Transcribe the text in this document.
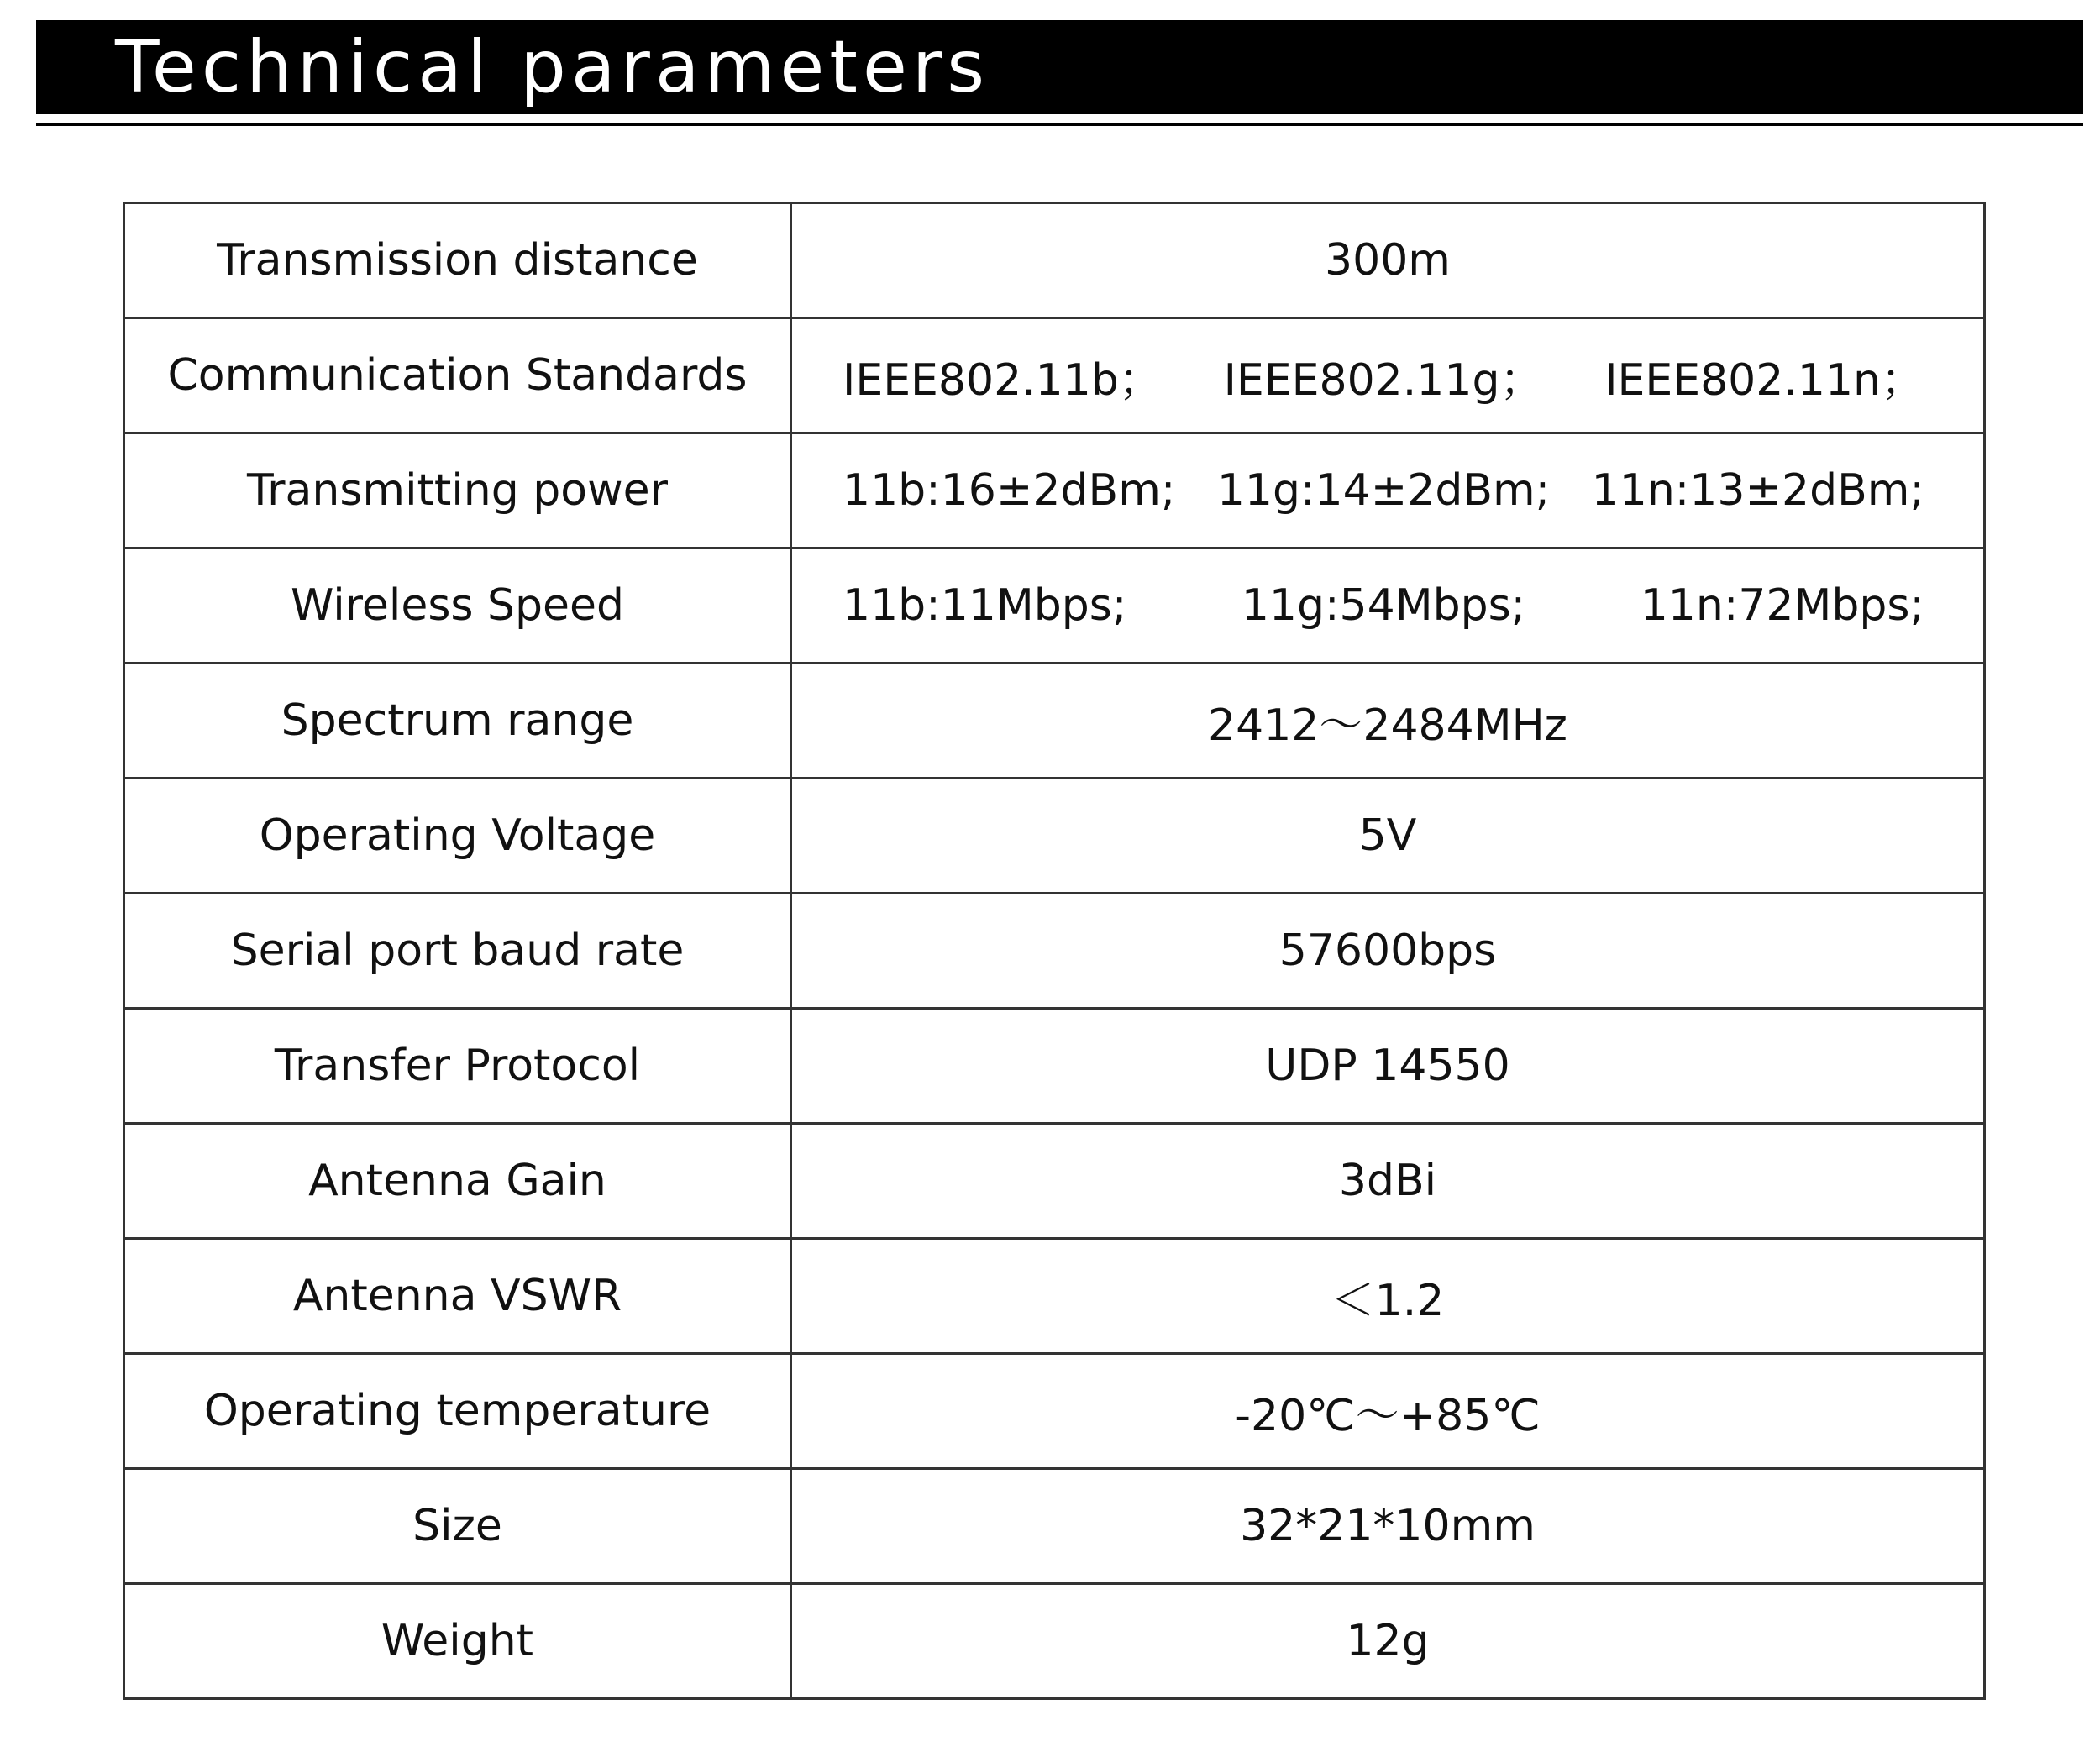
Technical parameters
Transmission distance	300m
Communication Standards	IEEE802.11b； IEEE802.11g； IEEE802.11n；

Transmitting power	11b:16±2dBm; 11g:14±2dBm; 11n:13±2dBm;

Wireless Speed	11b:11Mbps; 11g:54Mbps; 11n:72Mbps;

Spectrum range	2412～2484MHz
Operating Voltage	5V
Serial port baud rate	57600bps
Transfer Protocol	UDP 14550
Antenna Gain	3dBi
Antenna VSWR	＜1.2
Operating temperature	-20℃～+85℃
Size	32*21*10mm
Weight	12g
